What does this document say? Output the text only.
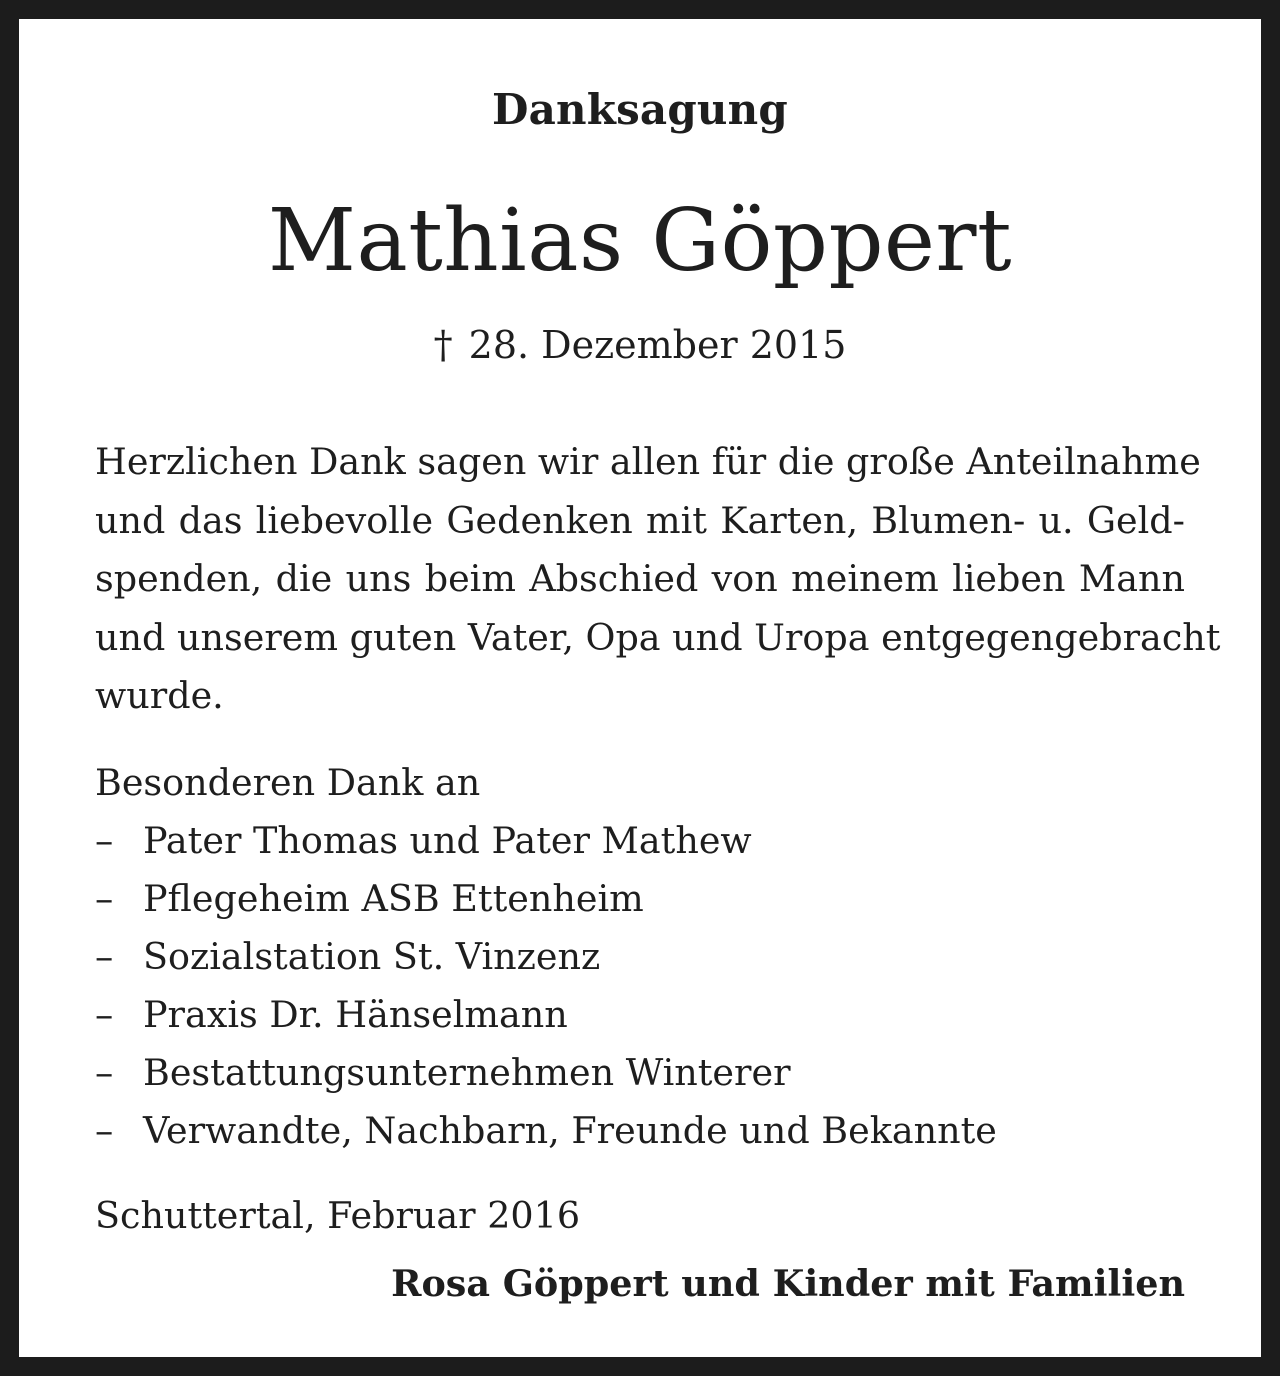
Danksagung
Mathias Göppert
† 28. Dezember 2015
Herzlichen Dank sagen wir allen für die große Anteilnahme
und das liebevolle Gedenken mit Karten, Blumen- u. Geld-
spenden, die uns beim Abschied von meinem lieben Mann
und unserem guten Vater, Opa und Uropa entgegengebracht
wurde.
Besonderen Dank an
– Pater Thomas und Pater Mathew
– Pflegeheim ASB Ettenheim
– Sozialstation St. Vinzenz
– Praxis Dr. Hänselmann
– Bestattungsunternehmen Winterer
– Verwandte, Nachbarn, Freunde und Bekannte
Schuttertal, Februar 2016
Rosa Göppert und Kinder mit Familien
